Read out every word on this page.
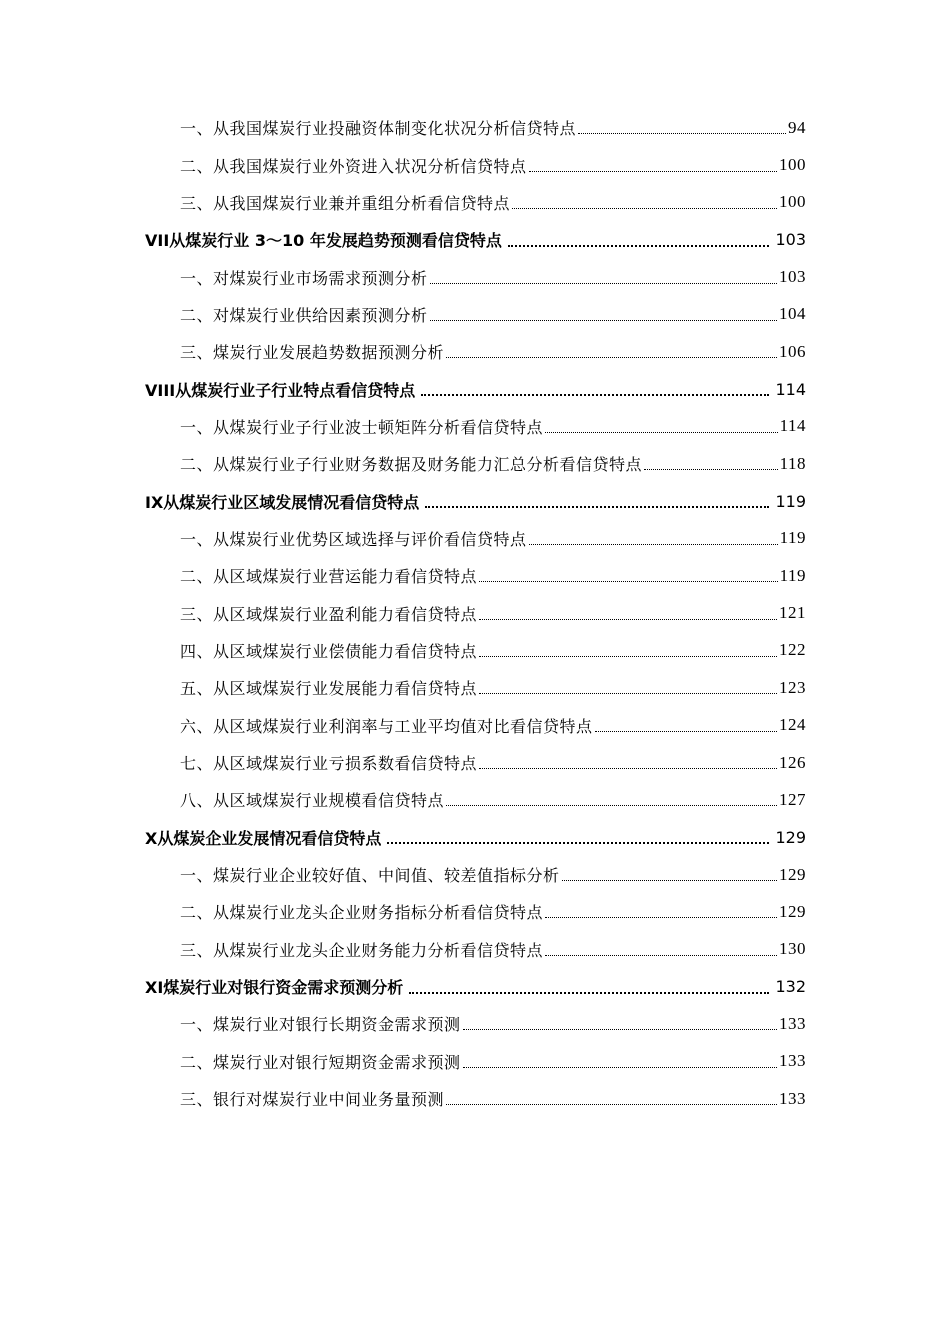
一、从我国煤炭行业投融资体制变化状况分析信贷特点	94
二、从我国煤炭行业外资进入状况分析信贷特点	100
三、从我国煤炭行业兼并重组分析看信贷特点	100
VII从煤炭行业 3～10 年发展趋势预测看信贷特点	103
一、对煤炭行业市场需求预测分析	103
二、对煤炭行业供给因素预测分析	104
三、煤炭行业发展趋势数据预测分析	106
VIII从煤炭行业子行业特点看信贷特点	114
一、从煤炭行业子行业波士顿矩阵分析看信贷特点	114
二、从煤炭行业子行业财务数据及财务能力汇总分析看信贷特点	118
IX从煤炭行业区域发展情况看信贷特点	119
一、从煤炭行业优势区域选择与评价看信贷特点	119
二、从区域煤炭行业营运能力看信贷特点	119
三、从区域煤炭行业盈利能力看信贷特点	121
四、从区域煤炭行业偿债能力看信贷特点	122
五、从区域煤炭行业发展能力看信贷特点	123
六、从区域煤炭行业利润率与工业平均值对比看信贷特点	124
七、从区域煤炭行业亏损系数看信贷特点	126
八、从区域煤炭行业规模看信贷特点	127
X从煤炭企业发展情况看信贷特点	129
一、煤炭行业企业较好值、中间值、较差值指标分析	129
二、从煤炭行业龙头企业财务指标分析看信贷特点	129
三、从煤炭行业龙头企业财务能力分析看信贷特点	130
XI煤炭行业对银行资金需求预测分析	132
一、煤炭行业对银行长期资金需求预测	133
二、煤炭行业对银行短期资金需求预测	133
三、银行对煤炭行业中间业务量预测	133
